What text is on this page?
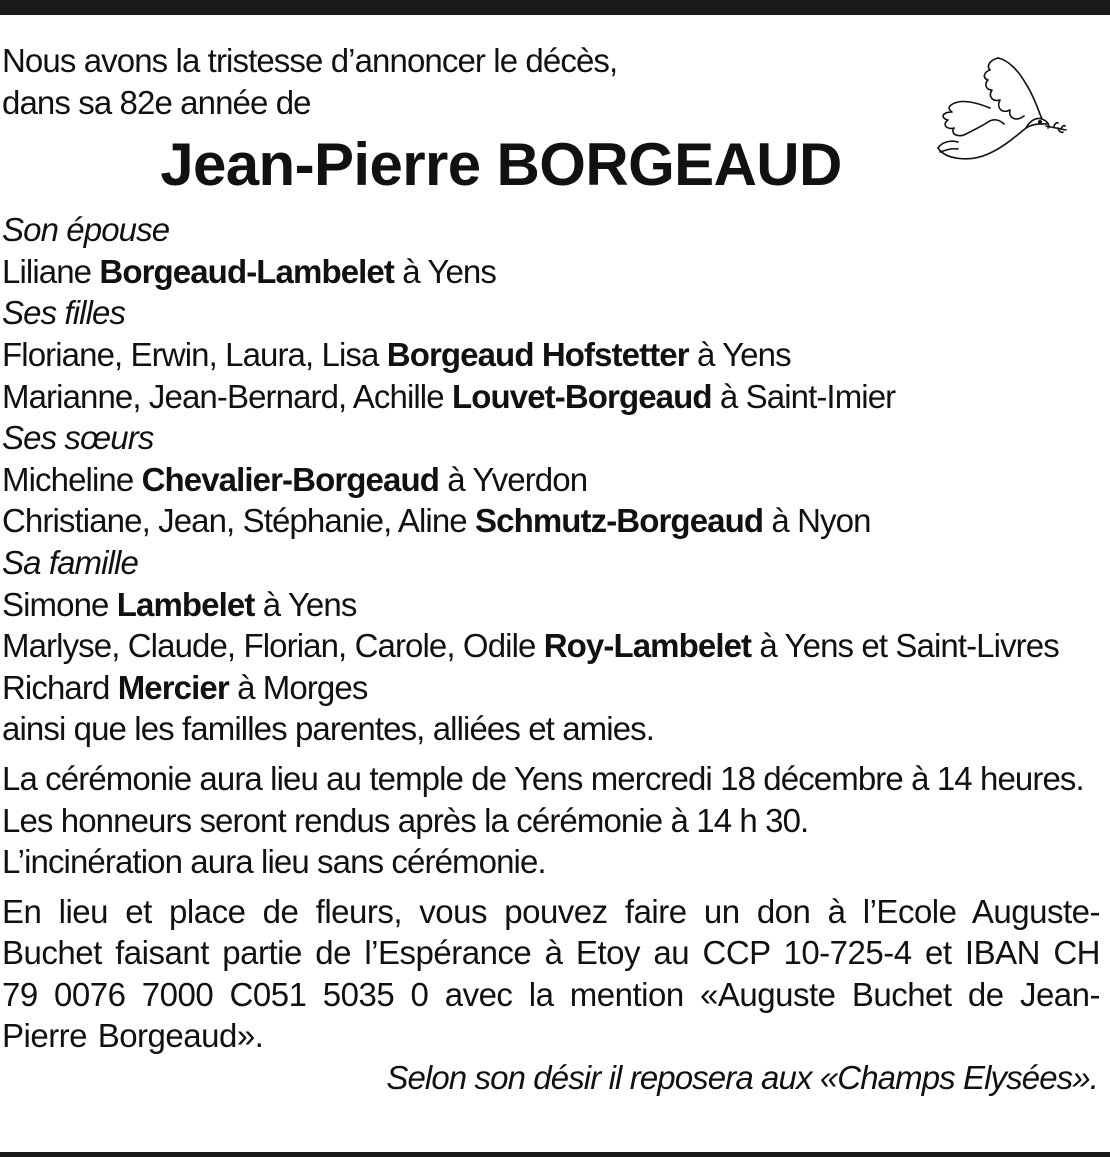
Nous avons la tristesse d’annoncer le décès,
dans sa 82e année de
Jean-Pierre BORGEAUD
Son épouse
Liliane Borgeaud-Lambelet à Yens
Ses filles
Floriane, Erwin, Laura, Lisa Borgeaud Hofstetter à Yens
Marianne, Jean-Bernard, Achille Louvet-Borgeaud à Saint-Imier
Ses sœurs
Micheline Chevalier-Borgeaud à Yverdon
Christiane, Jean, Stéphanie, Aline Schmutz-Borgeaud à Nyon
Sa famille
Simone Lambelet à Yens
Marlyse, Claude, Florian, Carole, Odile Roy-Lambelet à Yens et Saint-Livres
Richard Mercier à Morges
ainsi que les familles parentes, alliées et amies.
La cérémonie aura lieu au temple de Yens mercredi 18 décembre à 14 heures.
Les honneurs seront rendus après la cérémonie à 14 h 30.
L’incinération aura lieu sans cérémonie.
En lieu et place de fleurs, vous pouvez faire un don à l’Ecole Auguste-Buchet faisant partie de l’Espérance à Etoy au CCP 10-725-4 et IBAN CH 79 0076 7000 C051 5035 0 avec la mention «Auguste Buchet de Jean-Pierre Borgeaud».
Selon son désir il reposera aux «Champs Elysées».
